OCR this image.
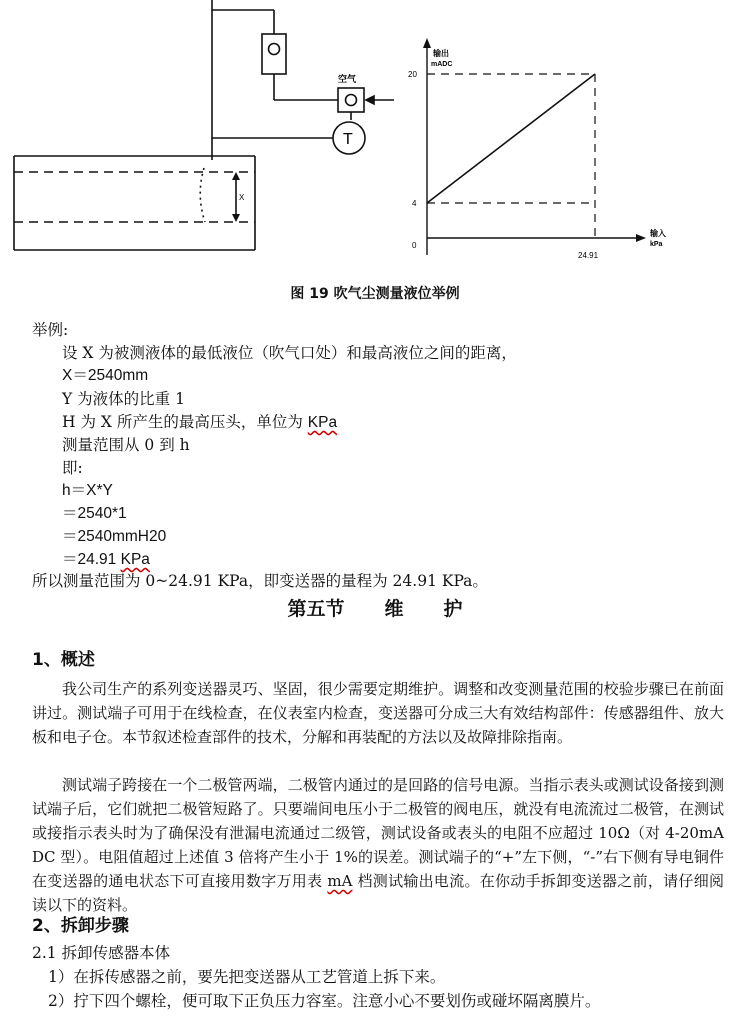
空气
T
X
输出
mADC
20
4
0
24.91
输入
kPa
图 19 吹气尘测量液位举例
举例:
设 X 为被测液体的最低液位（吹气口处）和最高液位之间的距离，
X＝2540mm
Y 为液体的比重 1
H 为 X 所产生的最高压头，单位为 KPa
测量范围从 0 到 h
即:
h＝X*Y
＝2540*1
＝2540mmH20
＝24.91 KPa
所以测量范围为 0~24.91 KPa，即变送器的量程为 24.91 KPa。
第五节 维 护
1、概述
我公司生产的系列变送器灵巧、坚固，很少需要定期维护。调整和改变测量范围的校验步骤已在前面讲过。测试端子可用于在线检查，在仪表室内检查，变送器可分成三大有效结构部件：传感器组件、放大板和电子仓。本节叙述检查部件的技术，分解和再装配的方法以及故障排除指南。
测试端子跨接在一个二极管两端，二极管内通过的是回路的信号电源。当指示表头或测试设备接到测试端子后，它们就把二极管短路了。只要端间电压小于二极管的阀电压，就没有电流流过二极管，在测试或接指示表头时为了确保没有泄漏电流通过二级管，测试设备或表头的电阻不应超过 10Ω（对 4-20mA DC 型）。电阻值超过上述值 3 倍将产生小于 1%的误差。测试端子的“+”左下侧，“-”右下侧有导电铜件在变送器的通电状态下可直接用数字万用表 mA 档测试输出电流。在你动手拆卸变送器之前，请仔细阅读以下的资料。
2、拆卸步骤
2.1 拆卸传感器本体
1）在拆传感器之前，要先把变送器从工艺管道上拆下来。
2）拧下四个螺栓，便可取下正负压力容室。注意小心不要划伤或碰坏隔离膜片。
